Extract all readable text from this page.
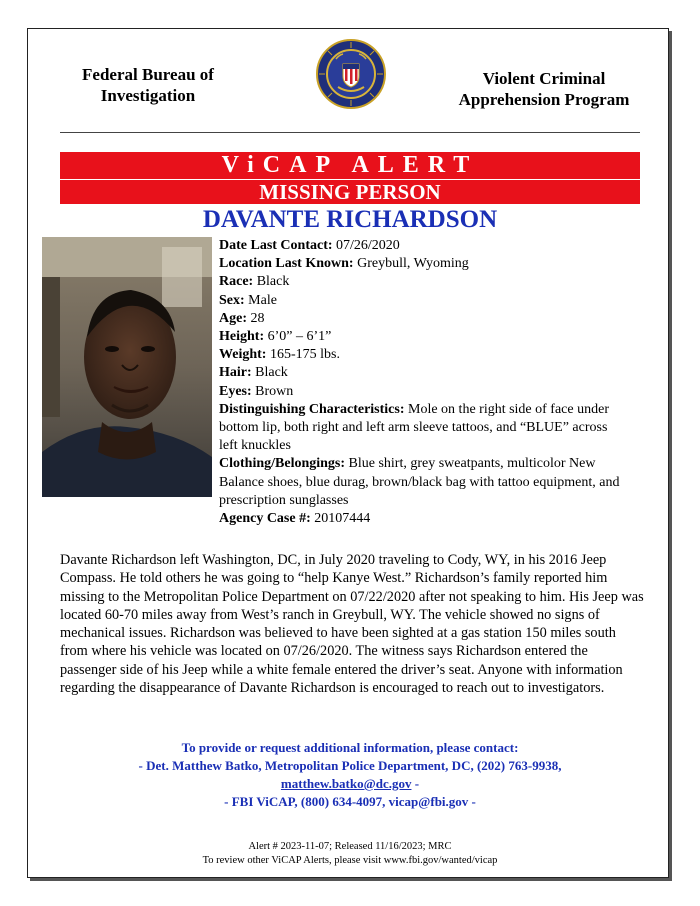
Federal Bureau of
Investigation
Violent Criminal
Apprehension Program
ViCAP ALERT
MISSING PERSON
DAVANTE RICHARDSON
Date Last Contact: 07/26/2020
Location Last Known: Greybull, Wyoming
Race: Black
Sex: Male
Age: 28
Height: 6’0” – 6’1”
Weight: 165-175 lbs.
Hair: Black
Eyes: Brown
Distinguishing Characteristics: Mole on the right side of face under bottom lip, both right and left arm sleeve tattoos, and “BLUE” across left knuckles
Clothing/Belongings: Blue shirt, grey sweatpants, multicolor New Balance shoes, blue durag, brown/black bag with tattoo equipment, and prescription sunglasses
Agency Case #: 20107444
Davante Richardson left Washington, DC, in July 2020 traveling to Cody, WY, in his 2016 Jeep Compass. He told others he was going to “help Kanye West.” Richardson’s family reported him missing to the Metropolitan Police Department on 07/22/2020 after not speaking to him. His Jeep was located 60-70 miles away from West’s ranch in Greybull, WY. The vehicle showed no signs of mechanical issues. Richardson was believed to have been sighted at a gas station 150 miles south from where his vehicle was located on 07/26/2020. The witness says Richardson entered the passenger side of his Jeep while a white female entered the driver’s seat. Anyone with information regarding the disappearance of Davante Richardson is encouraged to reach out to investigators.
To provide or request additional information, please contact:
- Det. Matthew Batko, Metropolitan Police Department, DC, (202) 763-9938,
matthew.batko@dc.gov -
- FBI ViCAP, (800) 634-4097, vicap@fbi.gov -
Alert # 2023-11-07; Released 11/16/2023; MRC
To review other ViCAP Alerts, please visit www.fbi.gov/wanted/vicap
